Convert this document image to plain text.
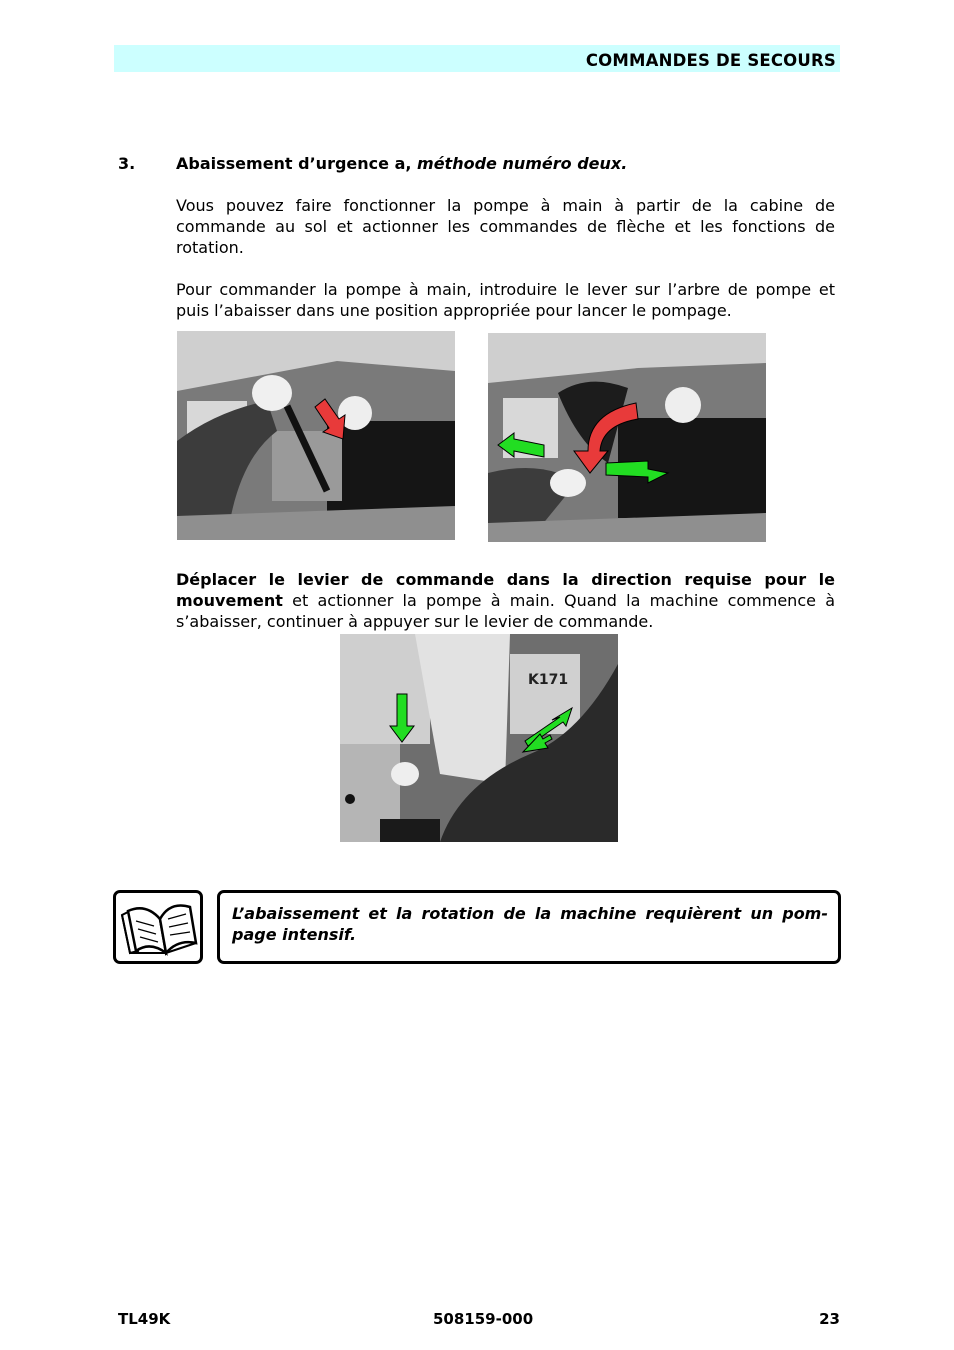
COMMANDES DE SECOURS
3.	Abaissement d’urgence a, méthode numéro deux.
Vous pouvez faire fonctionner la pompe à main à partir de la cabine de commande au sol et actionner les commandes de flèche et les fonctions de rotation.
Pour commander la pompe à main, introduire le lever sur l’arbre de pompe et puis l’abaisser dans une position appropriée pour lancer le pompage.
Déplacer le levier de commande dans la direction requise pour le mouvement et actionner la pompe à main. Quand la machine commence à s’abaisser, continuer à appuyer sur le levier de commande.
K171
L’abaissement et la rotation de la machine requièrent un pom-page intensif.
TL49K	508159-000	23
